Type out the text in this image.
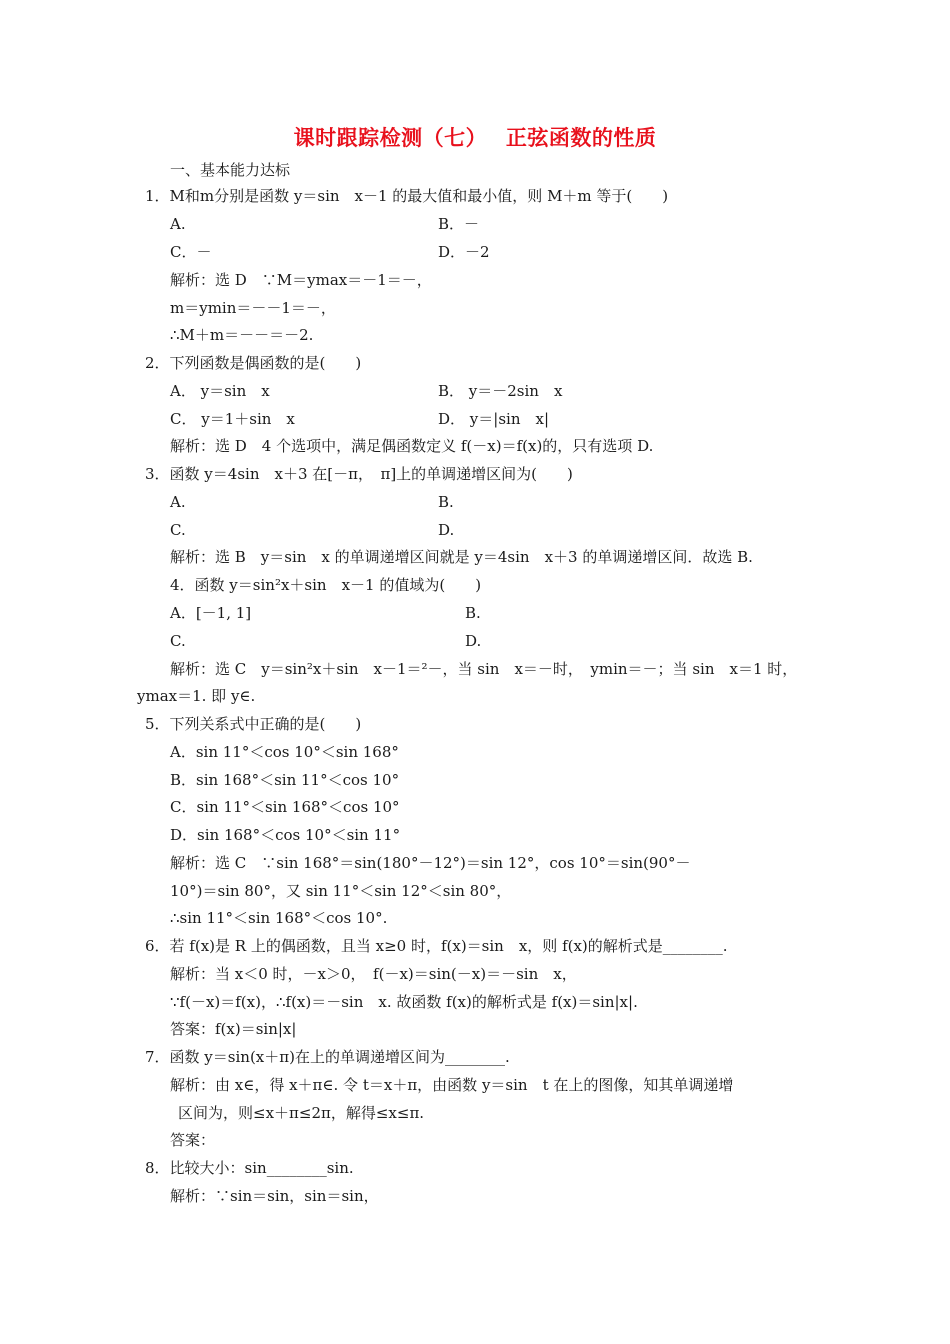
课时跟踪检测（七）　 正弦函数的性质
一、基本能力达标
1．M和m分别是函数 y＝sin　x－1 的最大值和最小值，则 M＋m 等于(　　)
A.	B．－
C．－	D．－2
解析：选 D　∵M＝ymax＝－1＝－，
m＝ymin＝－－1＝－，
∴M＋m＝－－＝－2.
2．下列函数是偶函数的是(　　)
A． y＝sin　x	B． y＝－2sin　x
C． y＝1＋sin　x	D． y＝|sin　x|
解析：选 D　4 个选项中，满足偶函数定义 f(－x)＝f(x)的，只有选项 D.
3．函数 y＝4sin　x＋3 在[－π，　π]上的单调递增区间为(　　)
A.	B.
C.	D.
解析：选 B　y＝sin　x 的单调递增区间就是 y＝4sin　x＋3 的单调递增区间．故选 B.
4．函数 y＝sin²x＋sin　x－1 的值域为(　　)
A．[－1, 1]	B.
C.	D.
解析：选 C　y＝sin²x＋sin　x－1＝²－，当 sin　x＝－时，　ymin＝－；当 sin　x＝1 时，
ymax＝1. 即 y∈.
5．下列关系式中正确的是(　　)
A．sin 11°＜cos 10°＜sin 168°
B．sin 168°＜sin 11°＜cos 10°
C．sin 11°＜sin 168°＜cos 10°
D．sin 168°＜cos 10°＜sin 11°
解析：选 C　∵sin 168°＝sin(180°－12°)＝sin 12°，cos 10°＝sin(90°－
10°)＝sin 80°，又 sin 11°＜sin 12°＜sin 80°，
∴sin 11°＜sin 168°＜cos 10°.
6．若 f(x)是 R 上的偶函数，且当 x≥0 时，f(x)＝sin　x，则 f(x)的解析式是________.
解析：当 x＜0 时，－x＞0，　f(－x)＝sin(－x)＝－sin　x，
∵f(－x)＝f(x)，∴f(x)＝－sin　x. 故函数 f(x)的解析式是 f(x)＝sin|x|.
答案：f(x)＝sin|x|
7．函数 y＝sin(x＋π)在上的单调递增区间为________.
解析：由 x∈，得 x＋π∈. 令 t＝x＋π，由函数 y＝sin　t 在上的图像，知其单调递增
区间为，则≤x＋π≤2π，解得≤x≤π.
答案：
8．比较大小：sin________sin.
解析：∵sin＝sin，sin＝sin，
